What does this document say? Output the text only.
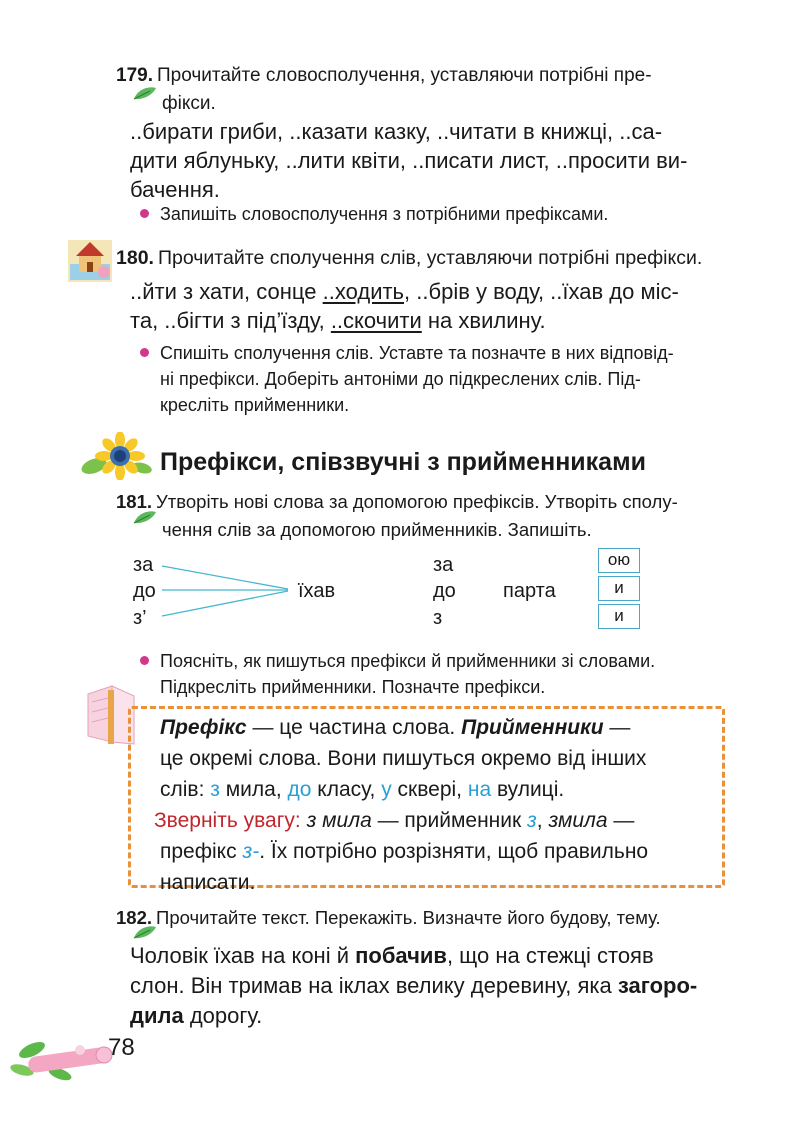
179. Прочитайте словосполучення, уставляючи потрібні пре-
фікси.
..бирати гриби, ..казати казку, ..читати в книжці, ..са-
дити яблуньку, ..лити квіти, ..писати лист, ..просити ви-
бачення.
Запишіть словосполучення з потрібними префіксами.
180. Прочитайте сполучення слів, уставляючи потрібні префікси.
..йти з хати, сонце ..ходить, ..брів у воду, ..їхав до міс-
та, ..бігти з під’їзду, ..скочити на хвилину.
Спишіть сполучення слів. Уставте та позначте в них відповід-
ні префікси. Доберіть антоніми до підкреслених слів. Під-
кресліть прийменники.
Префікси, співзвучні з прийменниками
181. Утворіть нові слова за допомогою префіксів. Утворіть сполу-
чення слів за допомогою прийменників. Запишіть.
за
до
з’
їхав
за
до
з
парта
ою
и
и
Поясніть, як пишуться префікси й прийменники зі словами.
Підкресліть прийменники. Позначте префікси.
Префікс — це частина слова. Прийменники —
це окремі слова. Вони пишуться окремо від інших
слів: з мила, до класу, у сквері, на вулиці.
Зверніть увагу: з мила — прийменник з, змила —
префікс з-. Їх потрібно розрізняти, щоб правильно
написати.
182. Прочитайте текст. Перекажіть. Визначте його будову, тему.
Чоловік їхав на коні й побачив, що на стежці стояв
слон. Він тримав на іклах велику деревину, яка загоро-
дила дорогу.
78
